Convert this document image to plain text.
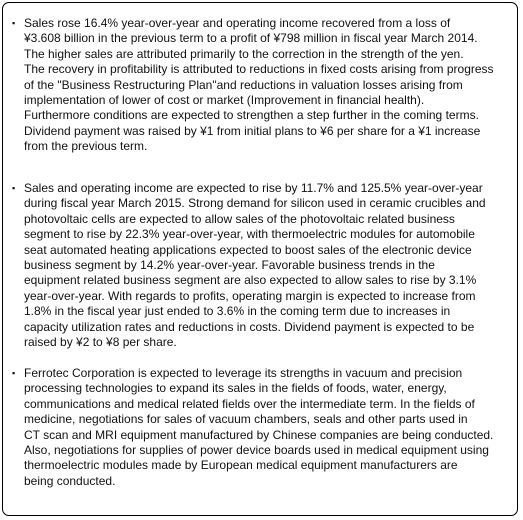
▪ Sales rose 16.4% year-over-year and operating income recovered from a loss of
¥3.608 billion in the previous term to a profit of ¥798 million in fiscal year March 2014.
The higher sales are attributed primarily to the correction in the strength of the yen.
The recovery in profitability is attributed to reductions in fixed costs arising from progress
of the "Business Restructuring Plan"and reductions in valuation losses arising from
implementation of lower of cost or market (Improvement in financial health).
Furthermore conditions are expected to strengthen a step further in the coming terms.
Dividend payment was raised by ¥1 from initial plans to ¥6 per share for a ¥1 increase
from the previous term.
▪ Sales and operating income are expected to rise by 11.7% and 125.5% year-over-year
during fiscal year March 2015. Strong demand for silicon used in ceramic crucibles and
photovoltaic cells are expected to allow sales of the photovoltaic related business
segment to rise by 22.3% year-over-year, with thermoelectric modules for automobile
seat automated heating applications expected to boost sales of the electronic device
business segment by 14.2% year-over-year. Favorable business trends in the
equipment related business segment are also expected to allow sales to rise by 3.1%
year-over-year. With regards to profits, operating margin is expected to increase from
1.8% in the fiscal year just ended to 3.6% in the coming term due to increases in
capacity utilization rates and reductions in costs. Dividend payment is expected to be
raised by ¥2 to ¥8 per share.
▪ Ferrotec Corporation is expected to leverage its strengths in vacuum and precision
processing technologies to expand its sales in the fields of foods, water, energy,
communications and medical related fields over the intermediate term. In the fields of
medicine, negotiations for sales of vacuum chambers, seals and other parts used in
CT scan and MRI equipment manufactured by Chinese companies are being conducted.
Also, negotiations for supplies of power device boards used in medical equipment using
thermoelectric modules made by European medical equipment manufacturers are
being conducted.
